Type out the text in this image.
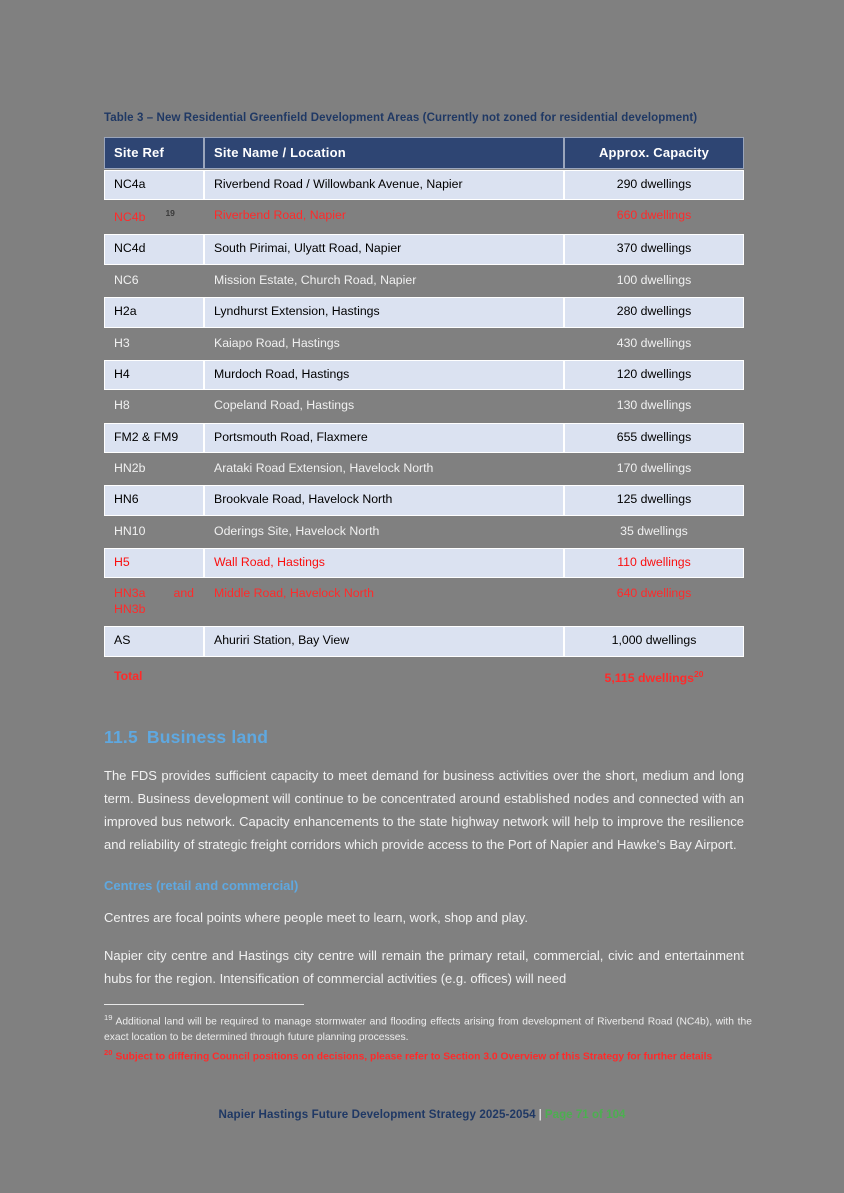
Table 3 – New Residential Greenfield Development Areas (Currently not zoned for residential development)

Site Ref	Site Name / Location	Approx. Capacity
NC4a	Riverbend Road / Willowbank Avenue, Napier	290 dwellings
NC4b $^{19}$	Riverbend Road, Napier	660 dwellings
NC4d	South Pirimai, Ulyatt Road, Napier	370 dwellings
NC6	Mission Estate, Church Road, Napier	100 dwellings
H2a	Lyndhurst Extension, Hastings	280 dwellings
H3	Kaiapo Road, Hastings	430 dwellings
H4	Murdoch Road, Hastings	120 dwellings
H8	Copeland Road, Hastings	130 dwellings
FM2 & FM9	Portsmouth Road, Flaxmere	655 dwellings
HN2b	Arataki Road Extension, Havelock North	170 dwellings
HN6	Brookvale Road, Havelock North	125 dwellings
HN10	Oderings Site, Havelock North	35 dwellings
H5	Wall Road, Hastings	110 dwellings
HN3a and HN3b	Middle Road, Havelock North	640 dwellings
AS	Ahuriri Station, Bay View	1,000 dwellings
Total		5,115 dwellings$^{20}$
11.5 Business land

The FDS provides sufficient capacity to meet demand for business activities over the short, medium and long term. Business development will continue to be concentrated around established nodes and connected with an improved bus network. Capacity enhancements to the state highway network will help to improve the resilience and reliability of strategic freight corridors which provide access to the Port of Napier and Hawke's Bay Airport.

Centres (retail and commercial)

Centres are focal points where people meet to learn, work, shop and play.

Napier city centre and Hastings city centre will remain the primary retail, commercial, civic and entertainment hubs for the region. Intensification of commercial activities (e.g. offices) will need

$^{19}$ Additional land will be required to manage stormwater and flooding effects arising from development of Riverbend Road (NC4b), with the exact location to be determined through future planning processes.

$^{20}$ Subject to differing Council positions on decisions, please refer to Section 3.0 Overview of this Strategy for further details

Napier Hastings Future Development Strategy 2025-2054 | Page 71 of 104
